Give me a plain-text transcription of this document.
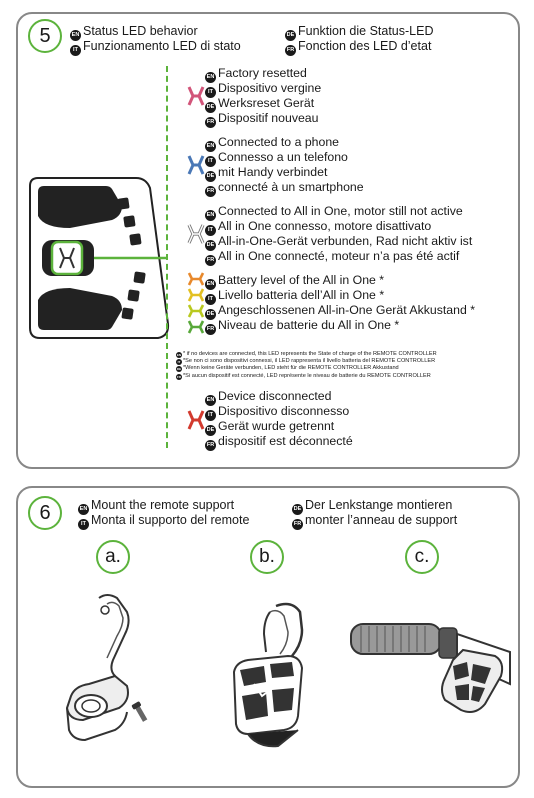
5	EN Status LED behavior
IT Funzionamento LED di stato
DE Funktion die Status-LED
FR Fonction des LED d’etat
EN Factory resetted
IT Dispositivo vergine
DE Werksreset Gerät
FR Dispositif nouveau
EN Connected to a phone
IT Connesso a un telefono
DE mit Handy verbindet
FR connecté à un smartphone
EN Connected to All in One, motor still not active
IT All in One connesso, motore disattivato
DE All-in-One-Gerät verbunden, Rad nicht aktiv ist
FR All in One connecté, moteur n’a pas été actif
EN Battery level of the All in One *
IT Livello batteria dell’All in One *
DE Angeschlossenen All-in-One Gerät Akkustand *
FR Niveau de batterie du All in One *
EN * if no devices are connected, this LED represents the State of charge of the REMOTE CONTROLLER
IT *Se non ci sono dispositivi connessi, il LED rappresenta il livello batteria del REMOTE CONTROLLER
DE *Wenn keine Geräte verbunden, LED steht für die REMOTE CONTROLLER Akkustand
FR *Si aucun dispositif est connecté, LED représente le niveau de batterie du REMOTE CONTROLLER
EN Device disconnected
IT Dispositivo disconnesso
DE Gerät wurde getrennt
FR dispositif est déconnecté
6	EN Mount the remote support
IT Monta il supporto del remote
DE Der Lenkstange montieren
FR monter l’anneau de support
a.	b.	c.
